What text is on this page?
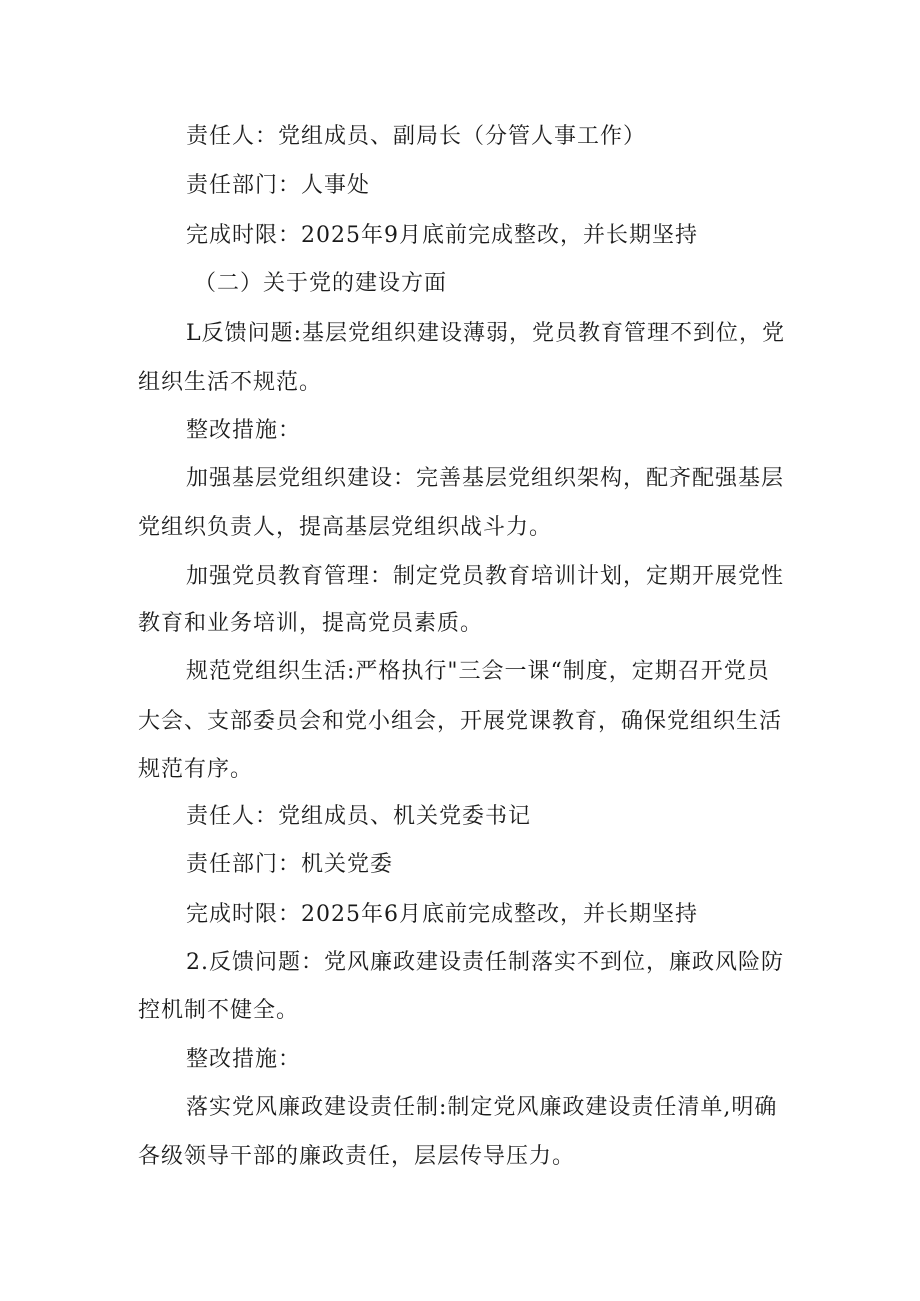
责任人：党组成员、副局长（分管人事工作）
责任部门：人事处
完成时限：2025年9月底前完成整改，并长期坚持
（二）关于党的建设方面
L反馈问题:基层党组织建设薄弱，党员教育管理不到位，党
组织生活不规范。
整改措施：
加强基层党组织建设：完善基层党组织架构，配齐配强基层
党组织负责人，提高基层党组织战斗力。
加强党员教育管理：制定党员教育培训计划，定期开展党性
教育和业务培训，提高党员素质。
规范党组织生活:严格执行"三会一课“制度，定期召开党员
大会、支部委员会和党小组会，开展党课教育，确保党组织生活
规范有序。
责任人：党组成员、机关党委书记
责任部门：机关党委
完成时限：2025年6月底前完成整改，并长期坚持
2.反馈问题：党风廉政建设责任制落实不到位，廉政风险防
控机制不健全。
整改措施：
落实党风廉政建设责任制:制定党风廉政建设责任清单,明确
各级领导干部的廉政责任，层层传导压力。
